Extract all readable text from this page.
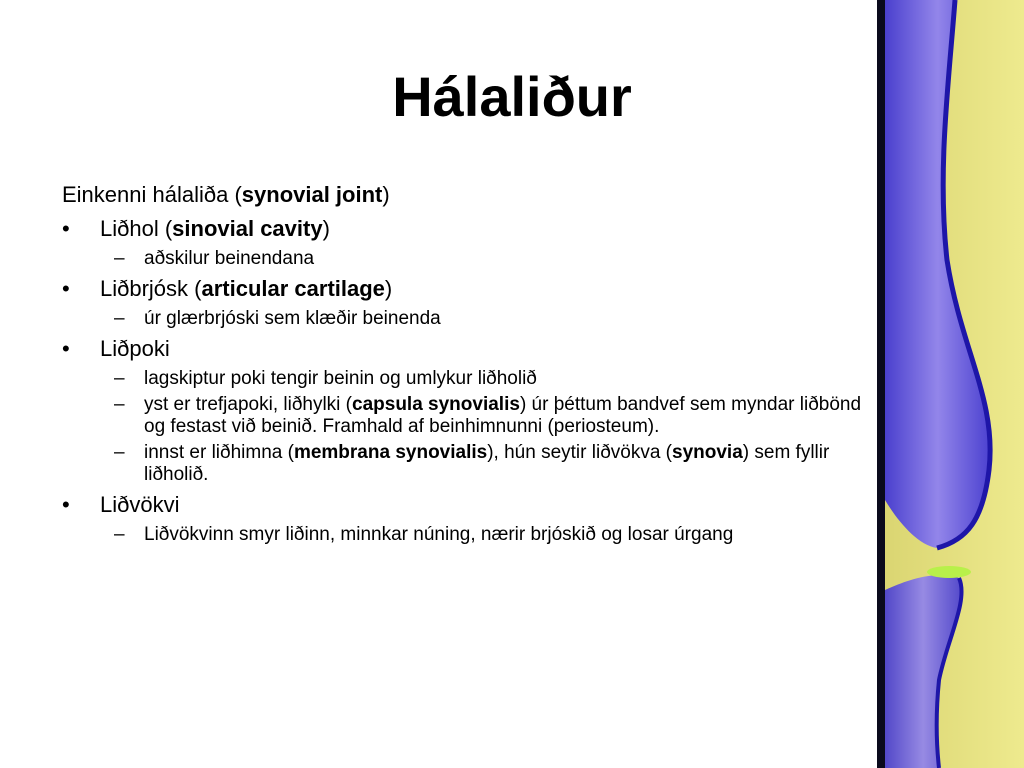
Hálaliður

Einkenni hálaliða (synovial joint)

•	Liðhol (sinovial cavity)
– aðskilur beinendana
•	Liðbrjósk (articular cartilage)
– úr glærbrjóski sem klæðir beinenda
•	Liðpoki
– lagskiptur poki tengir beinin og umlykur liðholið
– yst er trefjapoki, liðhylki (capsula synovialis) úr þéttum bandvef sem myndar liðbönd og festast við beinið. Framhald af beinhimnunni (periosteum).
– innst er liðhimna (membrana synovialis), hún seytir liðvökva (synovia) sem fyllir liðholið.
•	Liðvökvi
– Liðvökvinn smyr liðinn, minnkar núning, nærir brjóskið og losar úrgang
